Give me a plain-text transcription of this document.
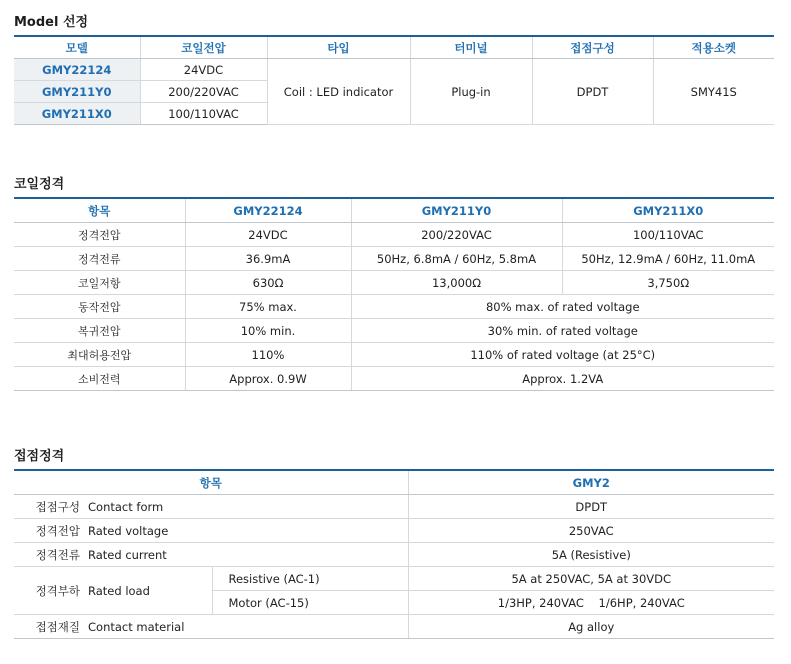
Model 선정
모델	코일전압	타입	터미널	접점구성	적용소켓
GMY22124	24VDC	Coil : LED indicator	Plug-in	DPDT	SMY41S
GMY211Y0	200/220VAC				
GMY211X0	100/110VAC				
코일정격
항목	GMY22124	GMY211Y0	GMY211X0
정격전압	24VDC	200/220VAC	100/110VAC
정격전류	36.9mA	50Hz, 6.8mA / 60Hz, 5.8mA	50Hz, 12.9mA / 60Hz, 11.0mA
코일저항	630Ω	13,000Ω	3,750Ω
동작전압	75% max.	80% max. of rated voltage	
복귀전압	10% min.	30% min. of rated voltage	
최대허용전압	110%	110% of rated voltage (at 25°C)	
소비전력	Approx. 0.9W	Approx. 1.2VA	
접점정격
항목		GMY2
접점구성 Contact form		DPDT
정격전압 Rated voltage		250VAC
정격전류 Rated current		5A (Resistive)
정격부하 Rated load	Resistive (AC-1)	5A at 250VAC, 5A at 30VDC
	Motor (AC-15)	1/3HP, 240VAC    1/6HP, 240VAC
접점재질 Contact material		Ag alloy
